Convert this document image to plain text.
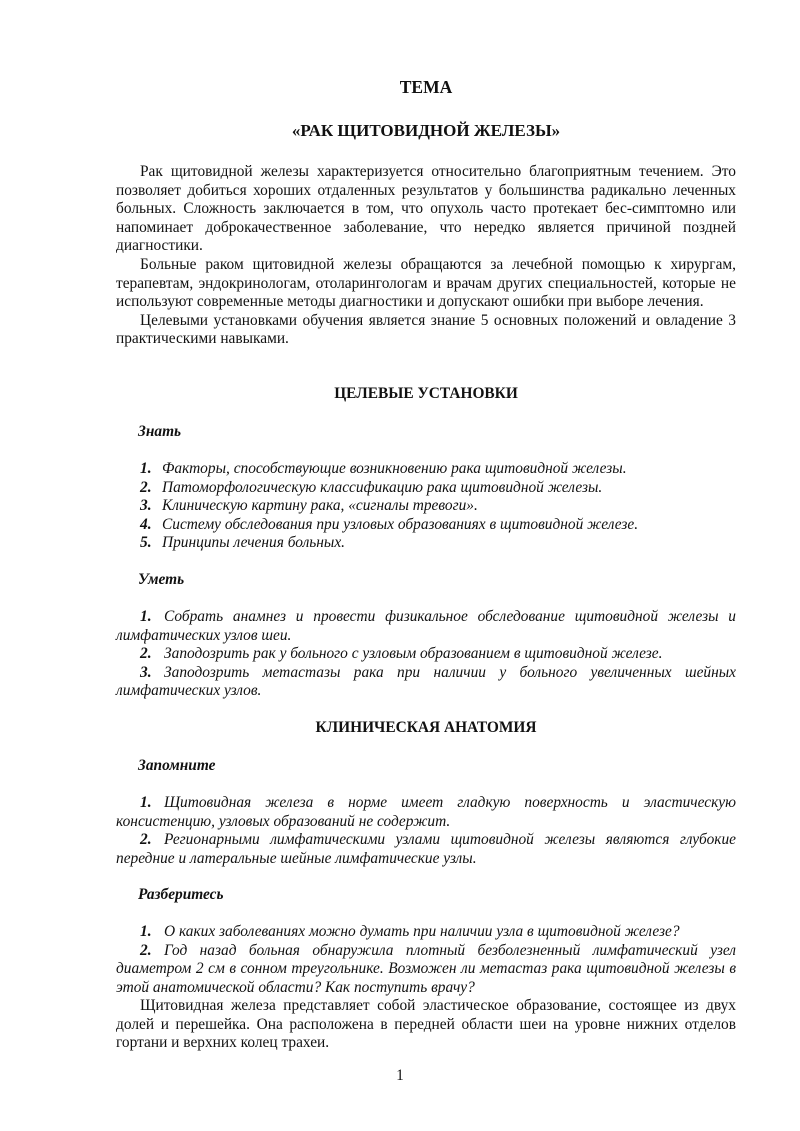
ТЕМА
«РАК ЩИТОВИДНОЙ ЖЕЛЕЗЫ»

Рак щитовидной железы характеризуется относительно благоприятным течением. Это позволяет добиться хороших отдаленных результатов у большинства радикально леченных больных. Сложность заключается в том, что опухоль часто протекает бес-симптомно или напоминает доброкачественное заболевание, что нередко является причиной поздней диагностики.

Больные раком щитовидной железы обращаются за лечебной помощью к хирургам, терапевтам, эндокринологам, отоларингологам и врачам других специальностей, которые не используют современные методы диагностики и допускают ошибки при выборе лечения.

Целевыми установками обучения является знание 5 основных положений и овладение 3 практическими навыками.

ЦЕЛЕВЫЕ УСТАНОВКИ
Знать
1. Факторы, способствующие возникновению рака щитовидной железы.
2. Патоморфологическую классификацию рака щитовидной железы.
3. Клиническую картину рака, «сигналы тревоги».
4. Систему обследования при узловых образованиях в щитовидной железе.
5. Принципы лечения больных.
Уметь

1. Собрать анамнез и провести физикальное обследование щитовидной железы и лимфатических узлов шеи.

2. Заподозрить рак у больного с узловым образованием в щитовидной железе.

3. Заподозрить метастазы рака при наличии у больного увеличенных шейных лимфатических узлов.

КЛИНИЧЕСКАЯ АНАТОМИЯ
Запомните

1. Щитовидная железа в норме имеет гладкую поверхность и эластическую консистенцию, узловых образований не содержит.

2. Регионарными лимфатическими узлами щитовидной железы являются глубокие передние и латеральные шейные лимфатические узлы.

Разберитесь

1. О каких заболеваниях можно думать при наличии узла в щитовидной железе?

2. Год назад больная обнаружила плотный безболезненный лимфатический узел диаметром 2 см в сонном треугольнике. Возможен ли метастаз рака щитовидной железы в этой анатомической области? Как поступить врачу?

Щитовидная железа представляет собой эластическое образование, состоящее из двух долей и перешейка. Она расположена в передней области шеи на уровне нижних отделов гортани и верхних колец трахеи.

1
